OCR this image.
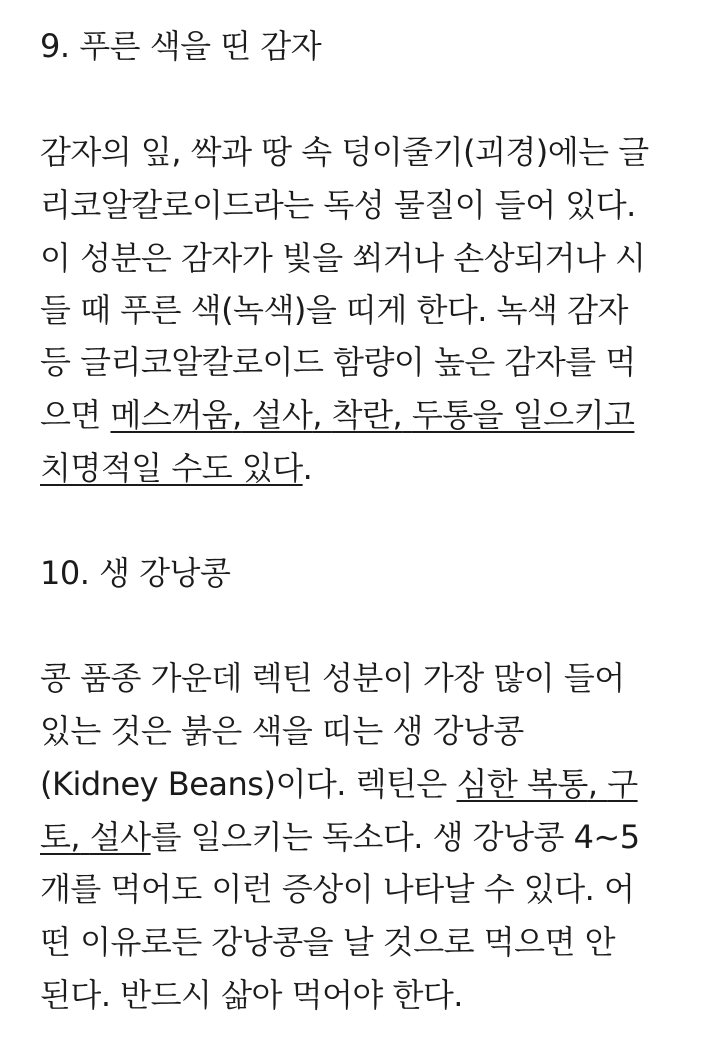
9. 푸른 색을 띤 감자
감자의 잎, 싹과 땅 속 덩이줄기(괴경)에는 글
리코알칼로이드라는 독성 물질이 들어 있다.
이 성분은 감자가 빛을 쐬거나 손상되거나 시
들 때 푸른 색(녹색)을 띠게 한다. 녹색 감자
등 글리코알칼로이드 함량이 높은 감자를 먹
으면 메스꺼움, 설사, 착란, 두통을 일으키고
치명적일 수도 있다.
10. 생 강낭콩
콩 품종 가운데 렉틴 성분이 가장 많이 들어
있는 것은 붉은 색을 띠는 생 강낭콩
(Kidney Beans)이다. 렉틴은 심한 복통, 구
토, 설사를 일으키는 독소다. 생 강낭콩 4~5
개를 먹어도 이런 증상이 나타날 수 있다. 어
떤 이유로든 강낭콩을 날 것으로 먹으면 안
된다. 반드시 삶아 먹어야 한다.
